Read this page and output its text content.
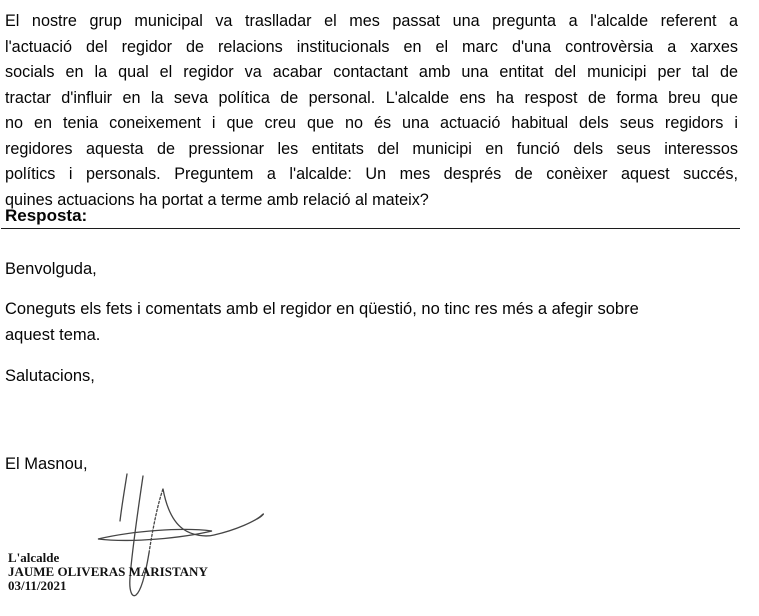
El nostre grup municipal va traslladar el mes passat una pregunta a l'alcalde referent a
l'actuació del regidor de relacions institucionals en el marc d'una controvèrsia a xarxes
socials en la qual el regidor va acabar contactant amb una entitat del municipi per tal de
tractar d'influir en la seva política de personal. L'alcalde ens ha respost de forma breu que
no en tenia coneixement i que creu que no és una actuació habitual dels seus regidors i
regidores aquesta de pressionar les entitats del municipi en funció dels seus interessos
polítics i personals. Preguntem a l'alcalde: Un mes després de conèixer aquest succés,
quines actuacions ha portat a terme amb relació al mateix?
Resposta:
Benvolguda,
Coneguts els fets i comentats amb el regidor en qüestió, no tinc res més a afegir sobre
aquest tema.
Salutacions,
El Masnou,
L'alcalde
JAUME OLIVERAS MARISTANY
03/11/2021
